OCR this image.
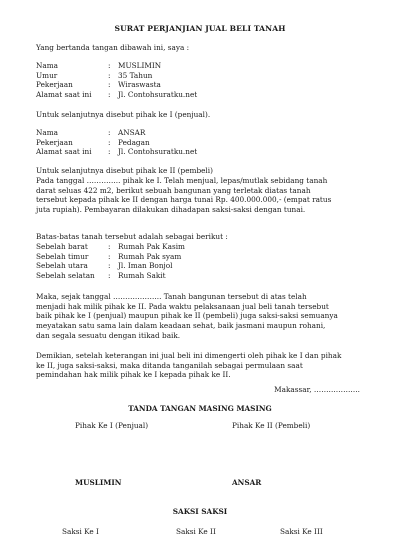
SURAT PERJANJIAN JUAL BELI TANAH
Yang bertanda tangan dibawah ini, saya :
Nama	: MUSLIMIN
Umur	: 35 Tahun
Pekerjaan	: Wiraswasta
Alamat saat ini : Jl. Contohsuratku.net
Untuk selanjutnya disebut pihak ke I (penjual).
Nama	: ANSAR
Pekerjaan	: Pedagan
Alamat saat ini : Jl. Contohsuratku.net
Untuk selanjutnya disebut pihak ke II (pembeli)
Pada tanggal ………….. pihak ke I. Telah menjual, lepas/mutlak sebidang tanah
darat seluas 422 m2, berikut sebuah bangunan yang terletak diatas tanah
tersebut kepada pihak ke II dengan harga tunai Rp. 400.000.000,- (empat ratus
juta rupiah). Pembayaran dilakukan dihadapan saksi-saksi dengan tunai.
Batas-batas tanah tersebut adalah sebagai berikut :
Sebelah barat	: Rumah Pak Kasim
Sebelah timur	: Rumah Pak syam
Sebelah utara	: Jl. Iman Bonjol
Sebelah selatan : Rumah Sakit
Maka, sejak tanggal ……………….. Tanah bangunan tersebut di atas telah
menjadi hak milik pihak ke II. Pada waktu pelaksanaan jual beli tanah tersebut
baik pihak ke I (penjual) maupun pihak ke II (pembeli) juga saksi-saksi semuanya
meyatakan satu sama lain dalam keadaan sehat, baik jasmani maupun rohani,
dan segala sesuatu dengan itikad baik.
Demikian, setelah keterangan ini jual beli ini dimengerti oleh pihak ke I dan pihak
ke II, juga saksi-saksi, maka ditanda tanganilah sebagai permulaan saat
pemindahan hak milik pihak ke I kepada pihak ke II.
Makassar, ……………….
TANDA TANGAN MASING MASING
Pihak Ke I (Penjual)	Pihak Ke II (Pembeli)
MUSLIMIN	ANSAR
SAKSI SAKSI
Saksi Ke I	Saksi Ke II	Saksi Ke III
